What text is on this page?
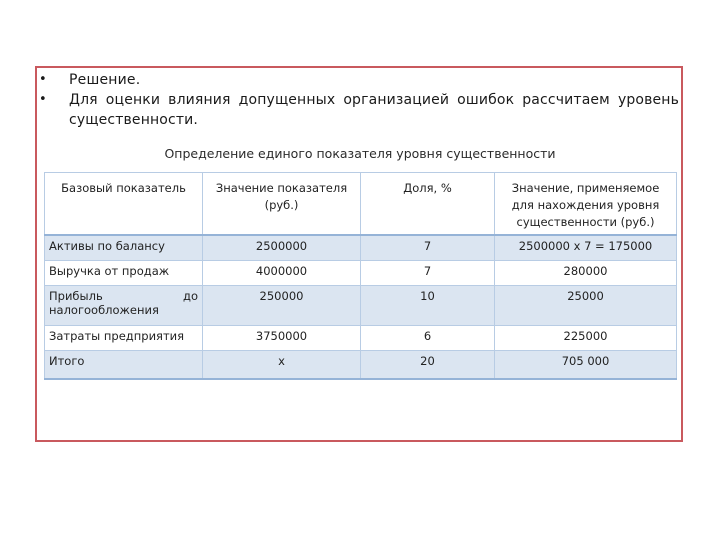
• Решение.
• Для оценки влияния допущенных организацией ошибок рассчитаем уровень существенности.
Определение единого показателя уровня существенности
Базовый показатель	Значение показателя (руб.)	Доля, %	Значение, применяемое для нахождения уровня существенности (руб.)
Активы по балансу	2500000	7	2500000 х 7 = 175000
Выручка от продаж	4000000	7	280000

Прибыль до налогообложения	250000	10	25000
Затраты предприятия	3750000	6	225000
Итого	х	20	705 000
